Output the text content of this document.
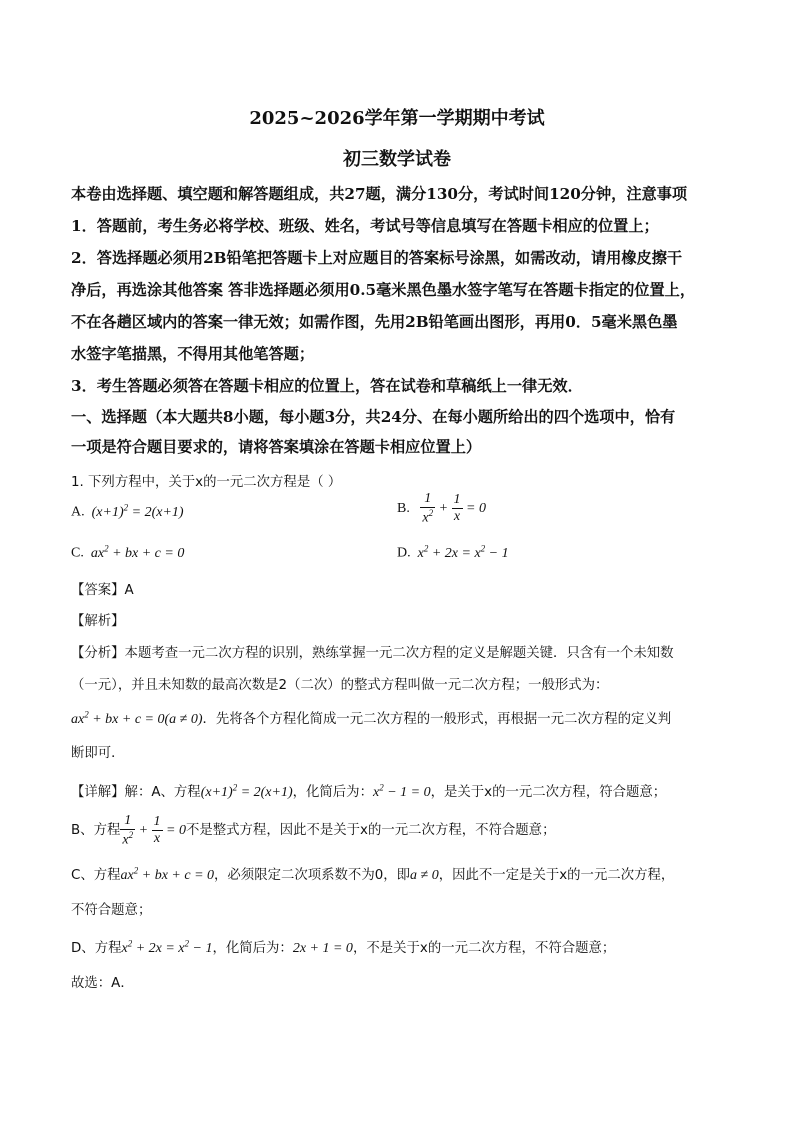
2025~2026学年第一学期期中考试
初三数学试卷
本卷由选择题、填空题和解答题组成，共27题，满分130分，考试时间120分钟，注意事项
1．答题前，考生务必将学校、班级、姓名，考试号等信息填写在答题卡相应的位置上；
2．答选择题必须用2B铅笔把答题卡上对应题目的答案标号涂黑，如需改动，请用橡皮擦干
净后，再选涂其他答案 答非选择题必须用0.5毫米黑色墨水签字笔写在答题卡指定的位置上，
不在各趟区域内的答案一律无效；如需作图，先用2B铅笔画出图形，再用0．5毫米黑色墨
水签字笔描黑，不得用其他笔答题；
3．考生答题必须答在答题卡相应的位置上，答在试卷和草稿纸上一律无效．
一、选择题（本大题共8小题，每小题3分，共24分、在每小题所给出的四个选项中，恰有
一项是符合题目要求的，请将答案填涂在答题卡相应位置上）
1. 下列方程中，关于x的一元二次方程是（ ）
A.  $(x+1)^2 = 2(x+1)$	B. $\frac{1}{x^2} + \frac{1}{x} = 0$
C.  $ax^2$ + bx + c = 0	D.  $x^2 + 2x = x^2 - 1$
【答案】A
【解析】
【分析】本题考查一元二次方程的识别，熟练掌握一元二次方程的定义是解题关键．只含有一个未知数
（一元），并且未知数的最高次数是2（二次）的整式方程叫做一元二次方程；一般形式为：
$ax^2$ + bx + c = 0(a ≠ 0)．先将各个方程化简成一元二次方程的一般形式，再根据一元二次方程的定义判
断即可．
【详解】解：A、方程$(x+1)^2 = 2(x+1)$，化简后为：$x^2 - 1 = 0$，是关于x的一元二次方程，符合题意；
B、方程 $\frac{1}{x^2} + \frac{1}{x} = 0$不是整式方程，因此不是关于x的一元二次方程，不符合题意；
C、方程$ax^2$ + bx + c = 0，必须限定二次项系数不为0，即a ≠ 0，因此不一定是关于x的一元二次方程，
不符合题意；
D、方程$x^2 + 2x = x^2 - 1$，化简后为：2x + 1 = 0，不是关于x的一元二次方程，不符合题意；
故选：A．
